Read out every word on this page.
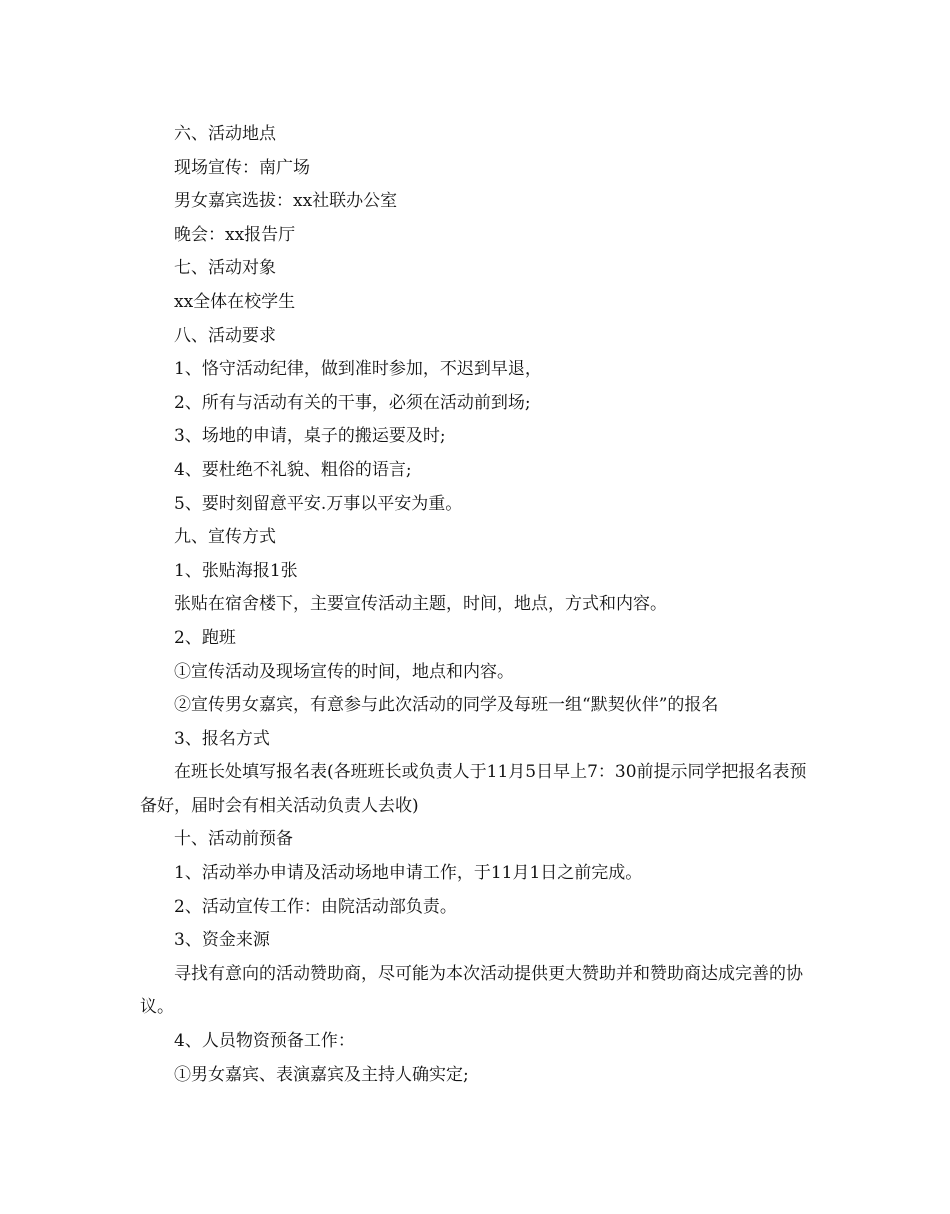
六、活动地点
现场宣传：南广场
男女嘉宾选拔：xx社联办公室
晚会：xx报告厅
七、活动对象
xx全体在校学生
八、活动要求
1、恪守活动纪律，做到准时参加，不迟到早退，
2、所有与活动有关的干事，必须在活动前到场;
3、场地的申请，桌子的搬运要及时;
4、要杜绝不礼貌、粗俗的语言;
5、要时刻留意平安.万事以平安为重。
九、宣传方式
1、张贴海报1张
张贴在宿舍楼下，主要宣传活动主题，时间，地点，方式和内容。
2、跑班
①宣传活动及现场宣传的时间，地点和内容。
②宣传男女嘉宾，有意参与此次活动的同学及每班一组“默契伙伴”的报名
3、报名方式
在班长处填写报名表(各班班长或负责人于11月5日早上7：30前提示同学把报名表预备好，届时会有相关活动负责人去收)
十、活动前预备
1、活动举办申请及活动场地申请工作，于11月1日之前完成。
2、活动宣传工作：由院活动部负责。
3、资金来源
寻找有意向的活动赞助商，尽可能为本次活动提供更大赞助并和赞助商达成完善的协议。
4、人员物资预备工作：
①男女嘉宾、表演嘉宾及主持人确实定;
